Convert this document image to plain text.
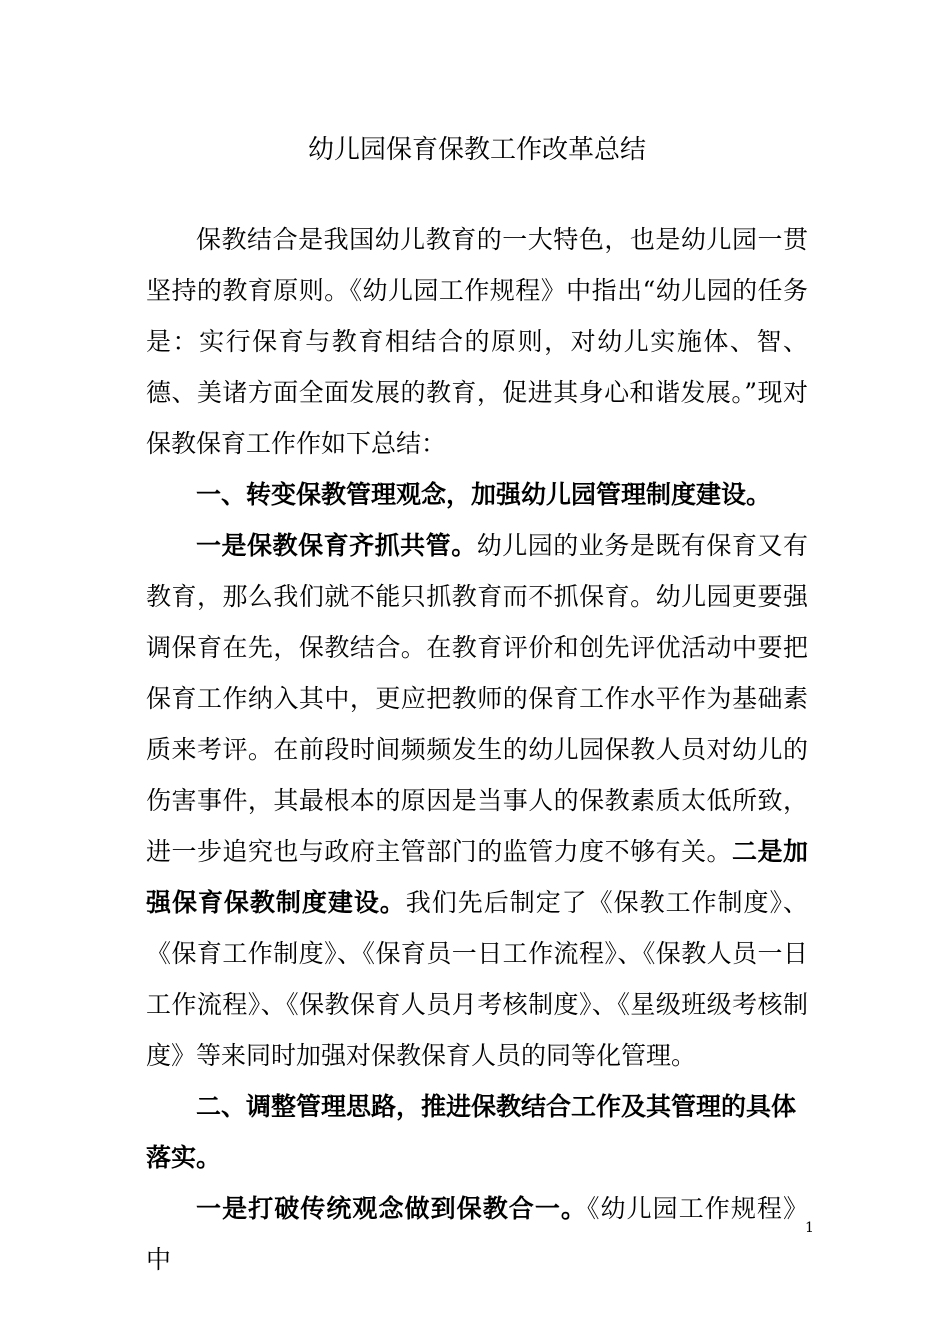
幼儿园保育保教工作改革总结

保教结合是我国幼儿教育的一大特色，也是幼儿园一贯坚持的教育原则。《幼儿园工作规程》中指出“幼儿园的任务是：实行保育与教育相结合的原则，对幼儿实施体、智、德、美诸方面全面发展的教育，促进其身心和谐发展。”现对保教保育工作作如下总结：

一、转变保教管理观念，加强幼儿园管理制度建设。

一是保教保育齐抓共管。幼儿园的业务是既有保育又有教育，那么我们就不能只抓教育而不抓保育。幼儿园更要强调保育在先，保教结合。在教育评价和创先评优活动中要把保育工作纳入其中，更应把教师的保育工作水平作为基础素质来考评。在前段时间频频发生的幼儿园保教人员对幼儿的伤害事件，其最根本的原因是当事人的保教素质太低所致，进一步追究也与政府主管部门的监管力度不够有关。二是加强保育保教制度建设。我们先后制定了《保教工作制度》、《保育工作制度》、《保育员一日工作流程》、《保教人员一日工作流程》、《保教保育人员月考核制度》、《星级班级考核制度》等来同时加强对保教保育人员的同等化管理。

二、调整管理思路，推进保教结合工作及其管理的具体落实。

一是打破传统观念做到保教合一。《幼儿园工作规程》中

1
